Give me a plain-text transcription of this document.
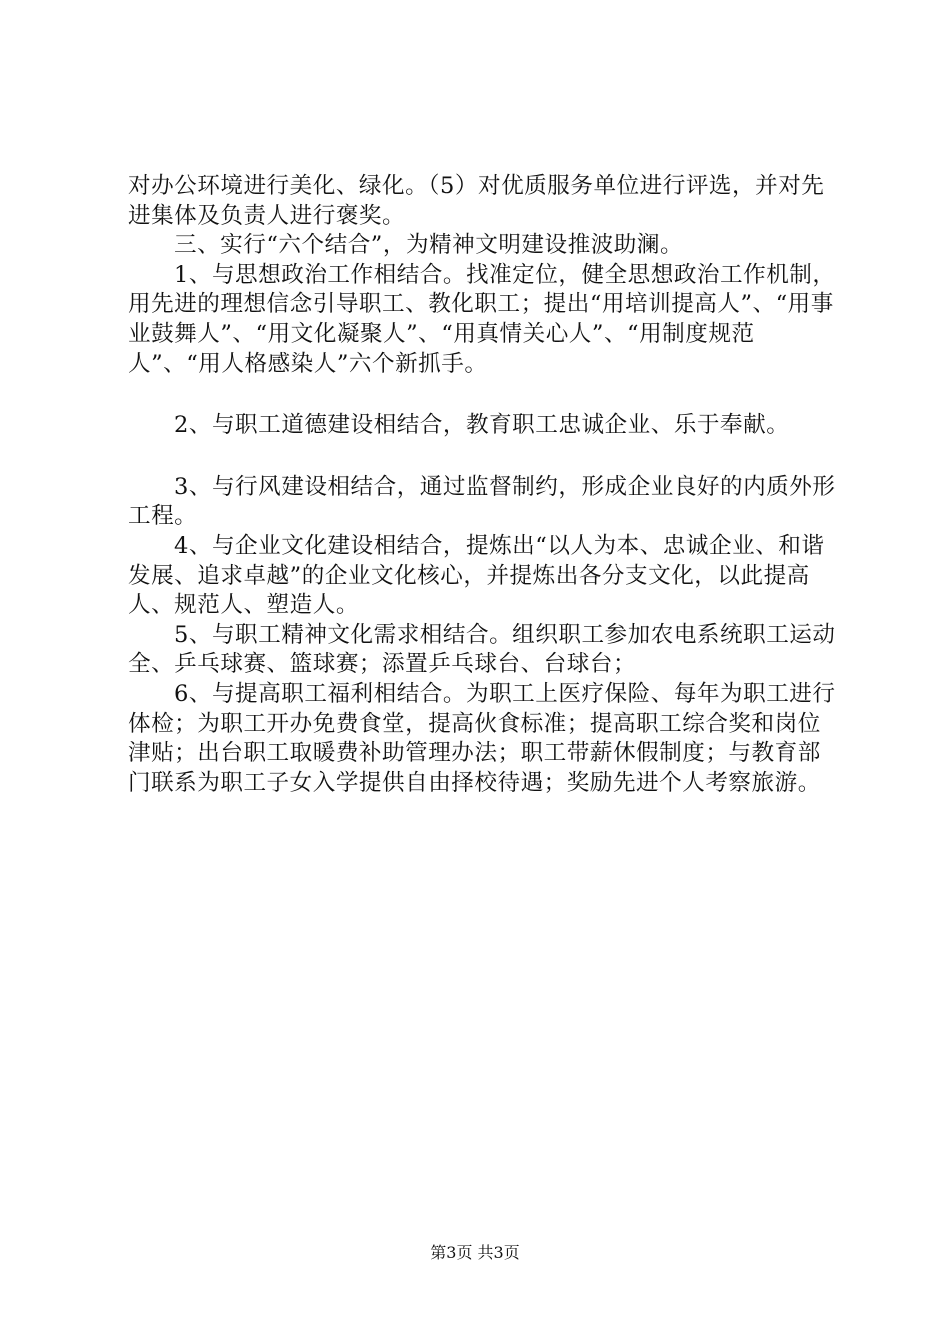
对办公环境进行美化、绿化。（5）对优质服务单位进行评选，并对先进集体及负责人进行褒奖。

三、实行“六个结合”，为精神文明建设推波助澜。

1、与思想政治工作相结合。找准定位，健全思想政治工作机制，用先进的理想信念引导职工、教化职工；提出“用培训提高人”、“用事业鼓舞人”、“用文化凝聚人”、“用真情关心人”、“用制度规范人”、“用人格感染人”六个新抓手。

2、与职工道德建设相结合，教育职工忠诚企业、乐于奉献。

3、与行风建设相结合，通过监督制约，形成企业良好的内质外形工程。

4、与企业文化建设相结合，提炼出“以人为本、忠诚企业、和谐发展、追求卓越”的企业文化核心，并提炼出各分支文化，以此提高人、规范人、塑造人。

5、与职工精神文化需求相结合。组织职工参加农电系统职工运动全、乒乓球赛、篮球赛；添置乒乓球台、台球台；

6、与提高职工福利相结合。为职工上医疗保险、每年为职工进行体检；为职工开办免费食堂，提高伙食标准；提高职工综合奖和岗位津贴；出台职工取暖费补助管理办法；职工带薪休假制度；与教育部门联系为职工子女入学提供自由择校待遇；奖励先进个人考察旅游。

第3页 共3页
